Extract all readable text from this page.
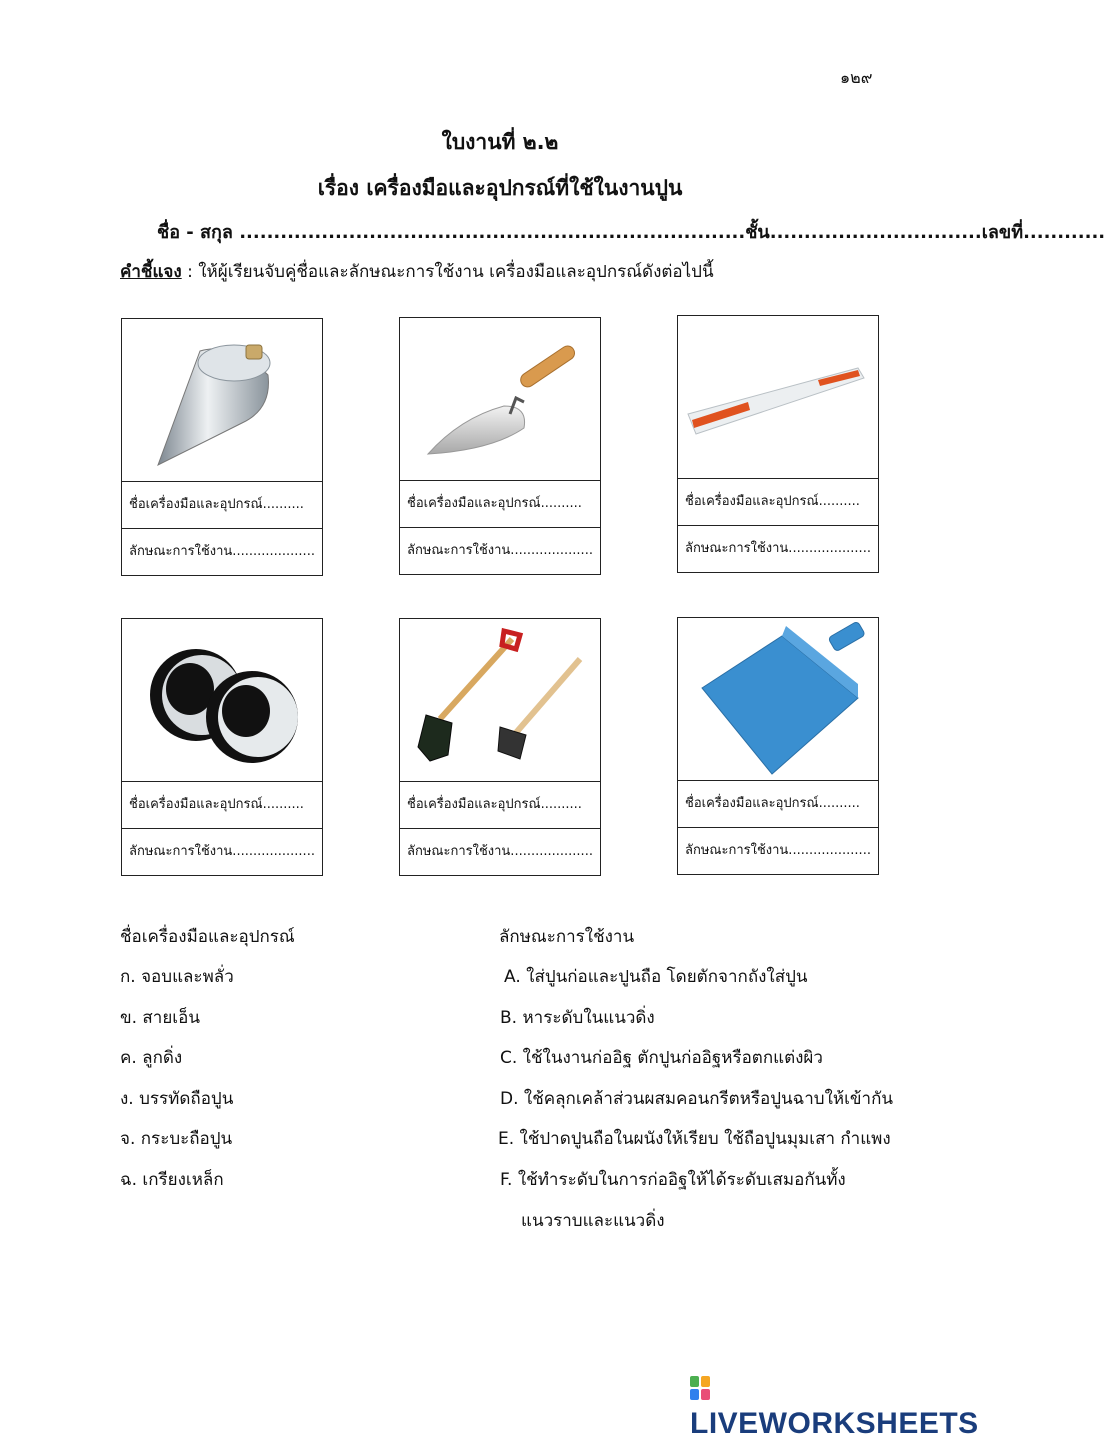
๑๒๙
ใบงานที่ ๒.๒
เรื่อง เครื่องมือและอุปกรณ์ที่ใช้ในงานปูน
ชื่อ - สกุล ..........................................................................ชั้น...............................เลขที่............
คำชี้แจง : ให้ผู้เรียนจับคู่ชื่อและลักษณะการใช้งาน เครื่องมือและอุปกรณ์ดังต่อไปนี้
ชื่อเครื่องมือและอุปกรณ์..........
ลักษณะการใช้งาน....................
ชื่อเครื่องมือและอุปกรณ์..........
ลักษณะการใช้งาน....................
ชื่อเครื่องมือและอุปกรณ์..........
ลักษณะการใช้งาน....................
ชื่อเครื่องมือและอุปกรณ์..........
ลักษณะการใช้งาน....................
ชื่อเครื่องมือและอุปกรณ์..........
ลักษณะการใช้งาน....................
ชื่อเครื่องมือและอุปกรณ์..........
ลักษณะการใช้งาน....................
ชื่อเครื่องมือและอุปกรณ์
ก. จอบและพลั่ว
ข. สายเอ็น
ค. ลูกดิ่ง
ง. บรรทัดถือปูน
จ. กระบะถือปูน
ฉ. เกรียงเหล็ก
ลักษณะการใช้งาน
A. ใส่ปูนก่อและปูนถือ โดยตักจากถังใส่ปูน
B. หาระดับในแนวดิ่ง
C. ใช้ในงานก่ออิฐ ตักปูนก่ออิฐหรือตกแต่งผิว
D. ใช้คลุกเคล้าส่วนผสมคอนกรีตหรือปูนฉาบให้เข้ากัน
E. ใช้ปาดปูนถือในผนังให้เรียบ ใช้ถือปูนมุมเสา กำแพง
F. ใช้ทำระดับในการก่ออิฐให้ได้ระดับเสมอกันทั้ง
แนวราบและแนวดิ่ง
LIVEWORKSHEETS
